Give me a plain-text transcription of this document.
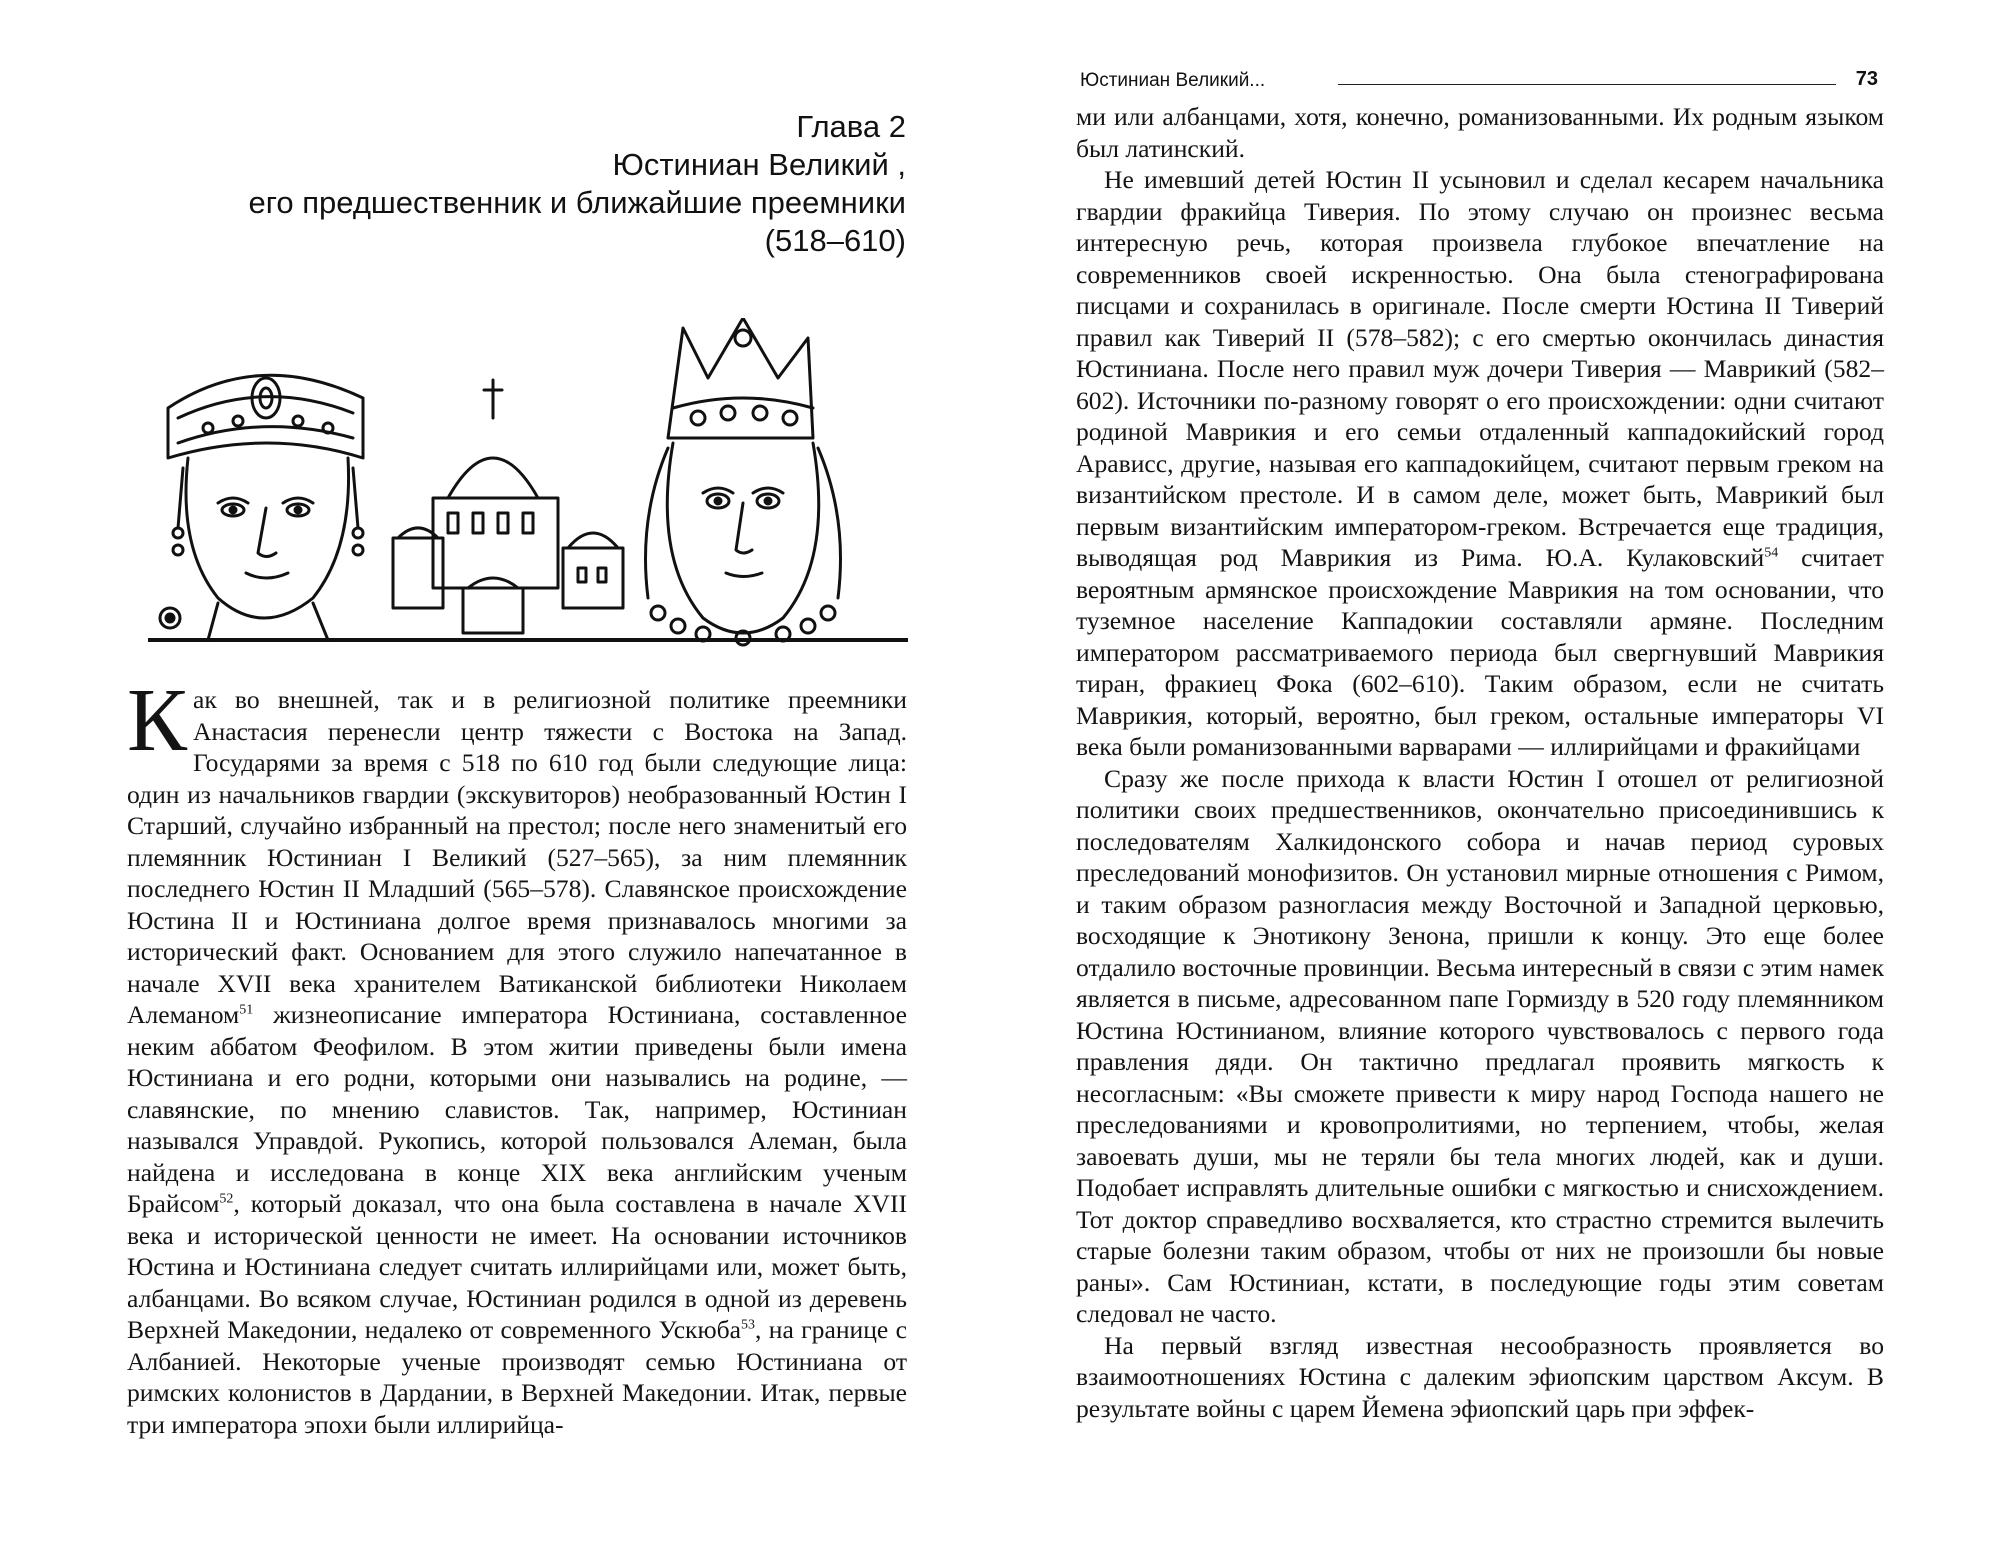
Глава 2
Юстиниан Великий ,
его предшественник и ближайшие преемники
(518–610)

Как во внешней, так и в религиозной политике преемники Анастасия перенесли центр тяжести с Востока на Запад. Государями за время с 518 по 610 год были следующие лица: один из начальников гвардии (экскувиторов) необразованный Юстин I Старший, случайно избранный на престол; после него знаменитый его племянник Юстиниан I Великий (527–565), за ним племянник последнего Юстин II Младший (565–578). Славянское происхождение Юстина II и Юстиниана долгое время признавалось многими за исторический факт. Основанием для этого служило напечатанное в начале XVII века хранителем Ватиканской библиотеки Николаем Алеманом$^{51}$ жизнеописание императора Юстиниана, составленное неким аббатом Феофилом. В этом житии приведены были имена Юстиниана и его родни, которыми они назывались на родине, — славянские, по мнению славистов. Так, например, Юстиниан назывался Управдой. Рукопись, которой пользовался Алеман, была найдена и исследована в конце XIX века английским ученым Брайсом$^{52}$, который доказал, что она была составлена в начале XVII века и исторической ценности не имеет. На основании источников Юстина и Юстиниана следует считать иллирийцами или, может быть, албанцами. Во всяком случае, Юстиниан родился в одной из деревень Верхней Македонии, недалеко от современного Ускюба$^{53}$, на границе с Албанией. Некоторые ученые производят семью Юстиниана от римских колонистов в Дардании, в Верхней Македонии. Итак, первые три императора эпохи были иллирийца-

Юстиниан Великий...	73

ми или албанцами, хотя, конечно, романизованными. Их родным языком был латинский.

Не имевший детей Юстин II усыновил и сделал кесарем начальника гвардии фракийца Тиверия. По этому случаю он произнес весьма интересную речь, которая произвела глубокое впечатление на современников своей искренностью. Она была стенографирована писцами и сохранилась в оригинале. После смерти Юстина II Тиверий правил как Тиверий II (578–582); с его смертью окончилась династия Юстиниана. После него правил муж дочери Тиверия — Маврикий (582–602). Источники по-разному говорят о его происхождении: одни считают родиной Маврикия и его семьи отдаленный каппадокийский город Арависс, другие, называя его каппадокийцем, считают первым греком на византийском престоле. И в самом деле, может быть, Маврикий был первым византийским императором-греком. Встречается еще традиция, выводящая род Маврикия из Рима. Ю.А. Кулаковский$^{54}$ считает вероятным армянское происхождение Маврикия на том основании, что туземное население Каппадокии составляли армяне. Последним императором рассматриваемого периода был свергнувший Маврикия тиран, фракиец Фока (602–610). Таким образом, если не считать Маврикия, который, вероятно, был греком, остальные императоры VI века были романизованными варварами — иллирийцами и фракийцами

Сразу же после прихода к власти Юстин I отошел от религиозной политики своих предшественников, окончательно присоединившись к последователям Халкидонского собора и начав период суровых преследований монофизитов. Он установил мирные отношения с Римом, и таким образом разногласия между Восточной и Западной церковью, восходящие к Энотикону Зенона, пришли к концу. Это еще более отдалило восточные провинции. Весьма интересный в связи с этим намек является в письме, адресованном папе Гормизду в 520 году племянником Юстина Юстинианом, влияние которого чувствовалось с первого года правления дяди. Он тактично предлагал проявить мягкость к несогласным: «Вы сможете привести к миру народ Господа нашего не преследованиями и кровопролитиями, но терпением, чтобы, желая завоевать души, мы не теряли бы тела многих людей, как и души. Подобает исправлять длительные ошибки с мягкостью и снисхождением. Тот доктор справедливо восхваляется, кто страстно стремится вылечить старые болезни таким образом, чтобы от них не произошли бы новые раны». Сам Юстиниан, кстати, в последующие годы этим советам следовал не часто.

На первый взгляд известная несообразность проявляется во взаимоотношениях Юстина с далеким эфиопским царством Аксум. В результате войны с царем Йемена эфиопский царь при эффек-
